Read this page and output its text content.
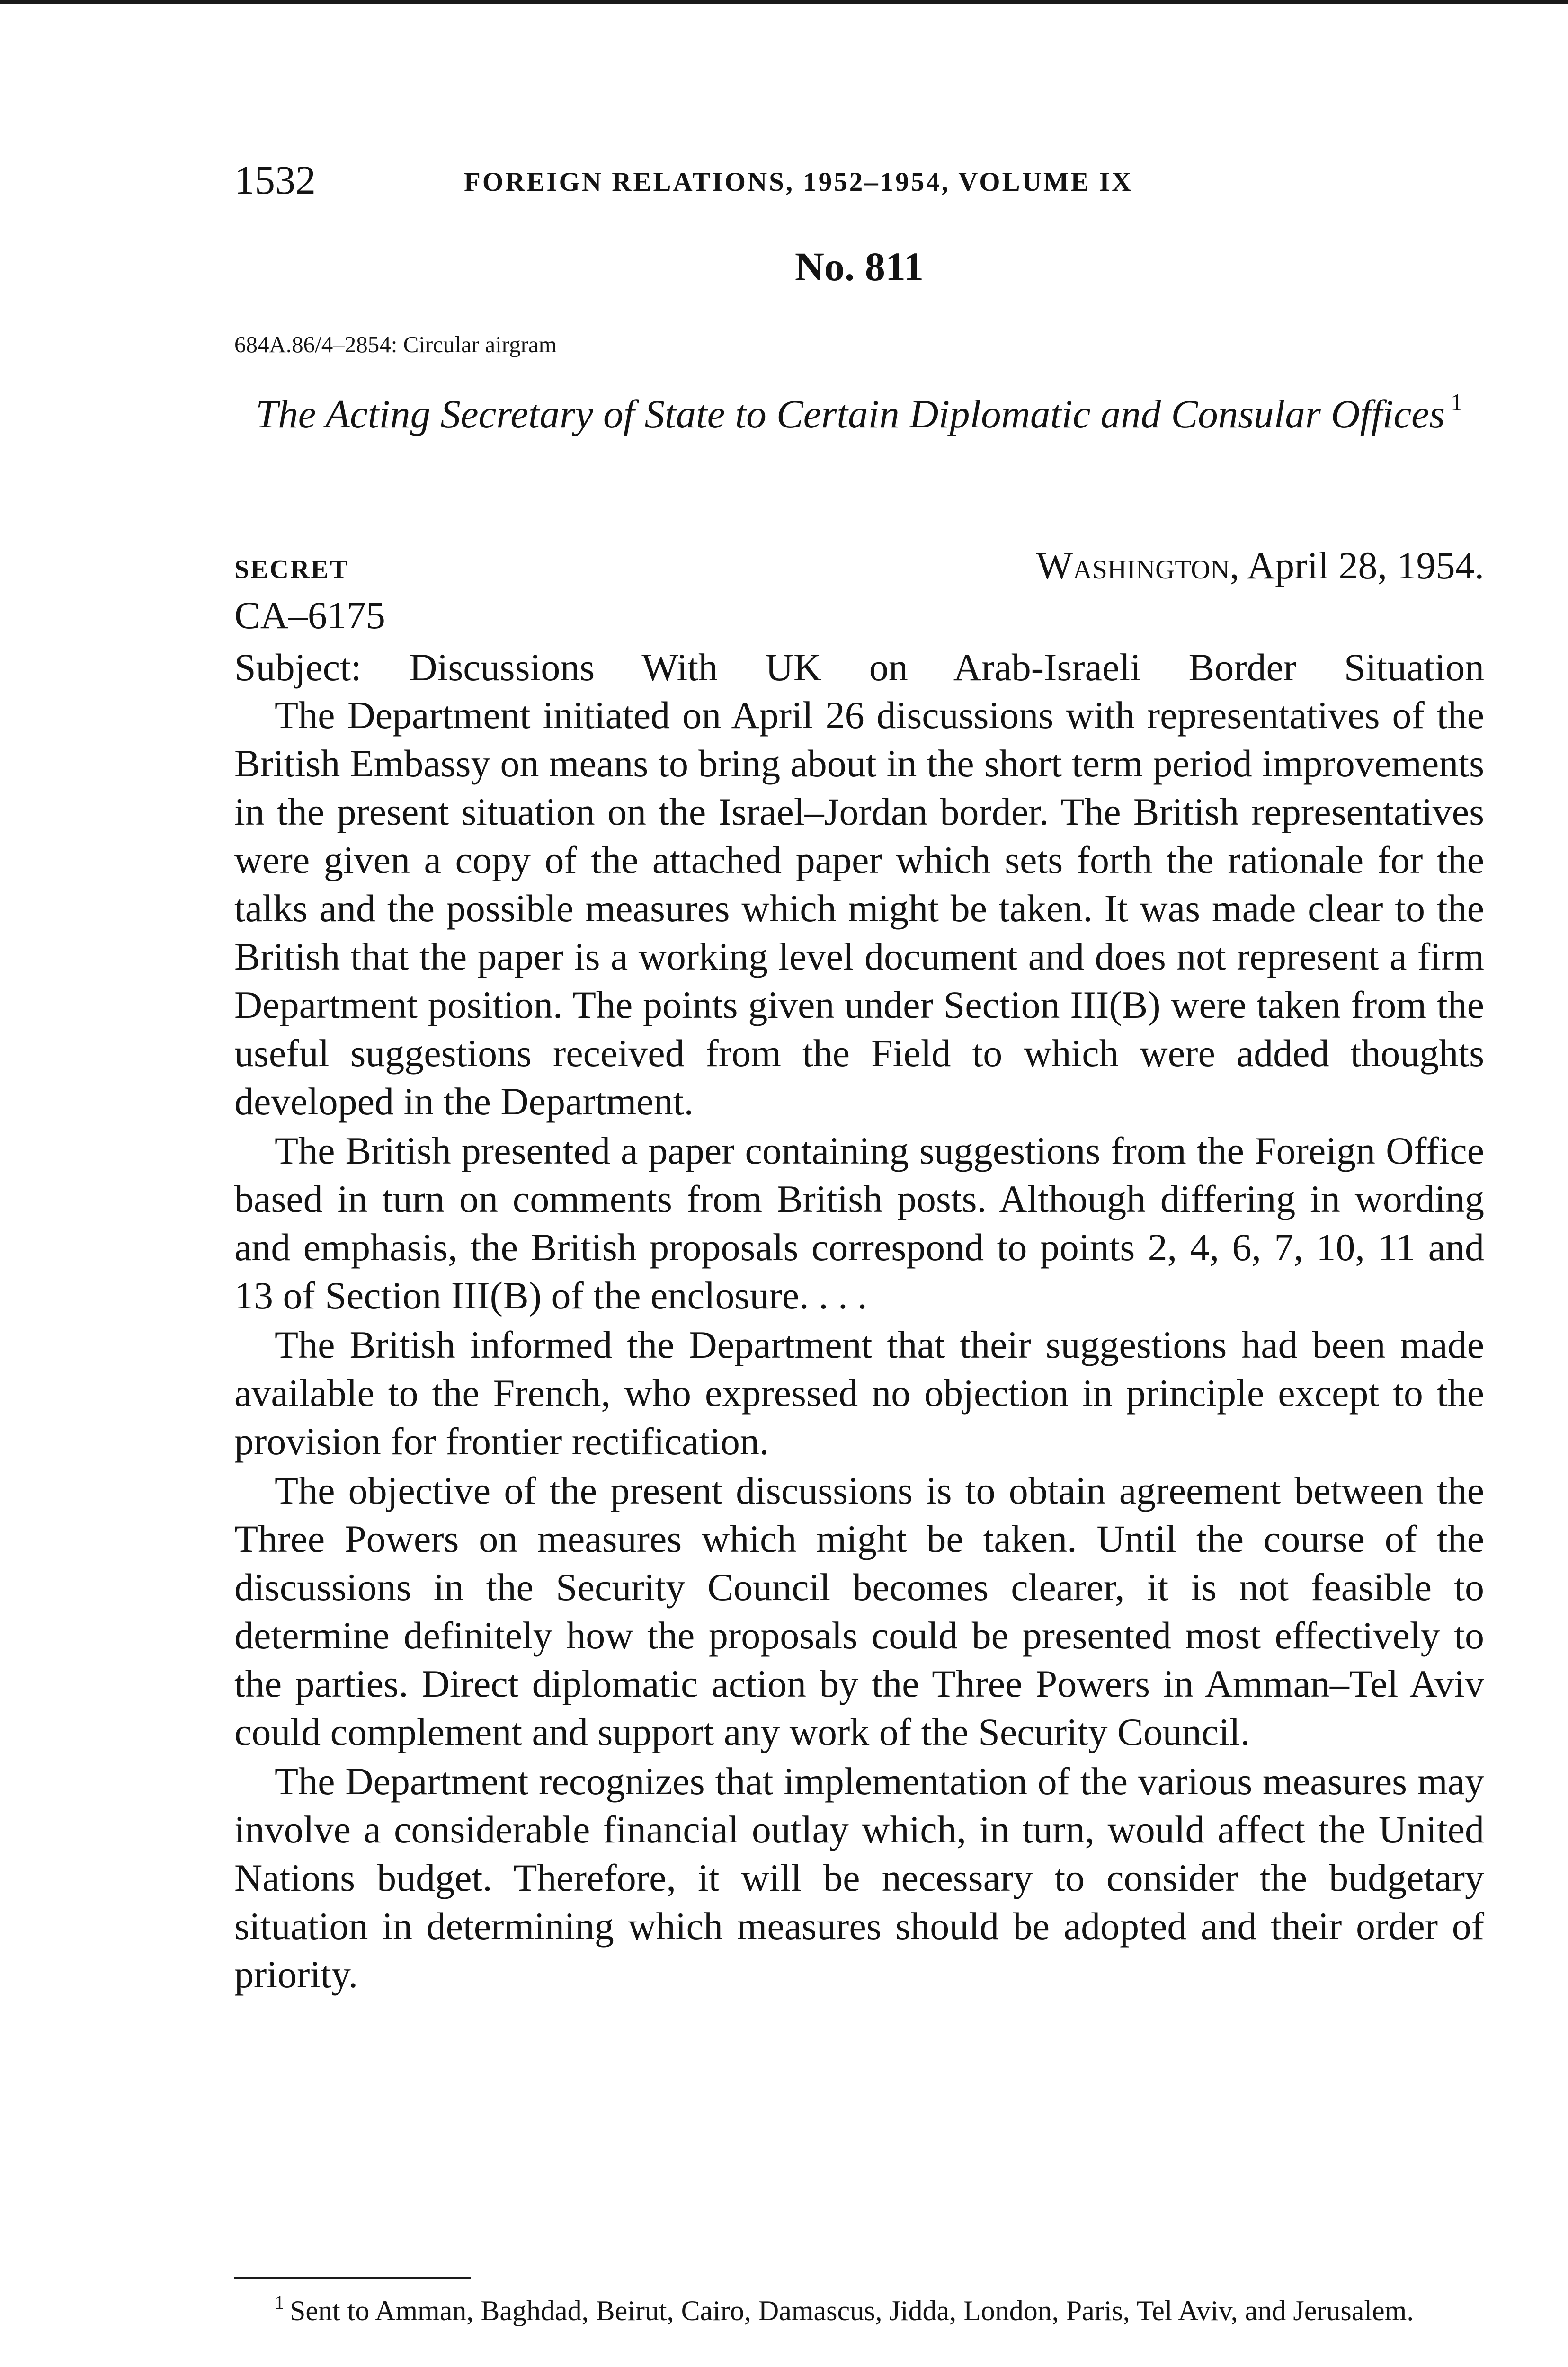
1532	FOREIGN RELATIONS, 1952–1954, VOLUME IX
No. 811
684A.86/4–2854: Circular airgram
The Acting Secretary of State to Certain Diplomatic and Consular Offices $^1$
SECRET	Washington, April 28, 1954.
CA–6175
Subject: Discussions With UK on Arab-Israeli Border Situation

The Department initiated on April 26 discussions with representatives of the British Embassy on means to bring about in the short term period improvements in the present situation on the Israel–Jordan border. The British representatives were given a copy of the attached paper which sets forth the rationale for the talks and the possible measures which might be taken. It was made clear to the British that the paper is a working level document and does not represent a firm Department position. The points given under Section III(B) were taken from the useful suggestions received from the Field to which were added thoughts developed in the Department.

The British presented a paper containing suggestions from the Foreign Office based in turn on comments from British posts. Although differing in wording and emphasis, the British proposals correspond to points 2, 4, 6, 7, 10, 11 and 13 of Section III(B) of the enclosure. . . .

The British informed the Department that their suggestions had been made available to the French, who expressed no objection in principle except to the provision for frontier rectification.

The objective of the present discussions is to obtain agreement between the Three Powers on measures which might be taken. Until the course of the discussions in the Security Council becomes clearer, it is not feasible to determine definitely how the proposals could be presented most effectively to the parties. Direct diplomatic action by the Three Powers in Amman–Tel Aviv could complement and support any work of the Security Council.

The Department recognizes that implementation of the various measures may involve a considerable financial outlay which, in turn, would affect the United Nations budget. Therefore, it will be necessary to consider the budgetary situation in determining which measures should be adopted and their order of priority.

$^1$ Sent to Amman, Baghdad, Beirut, Cairo, Damascus, Jidda, London, Paris, Tel Aviv, and Jerusalem.
